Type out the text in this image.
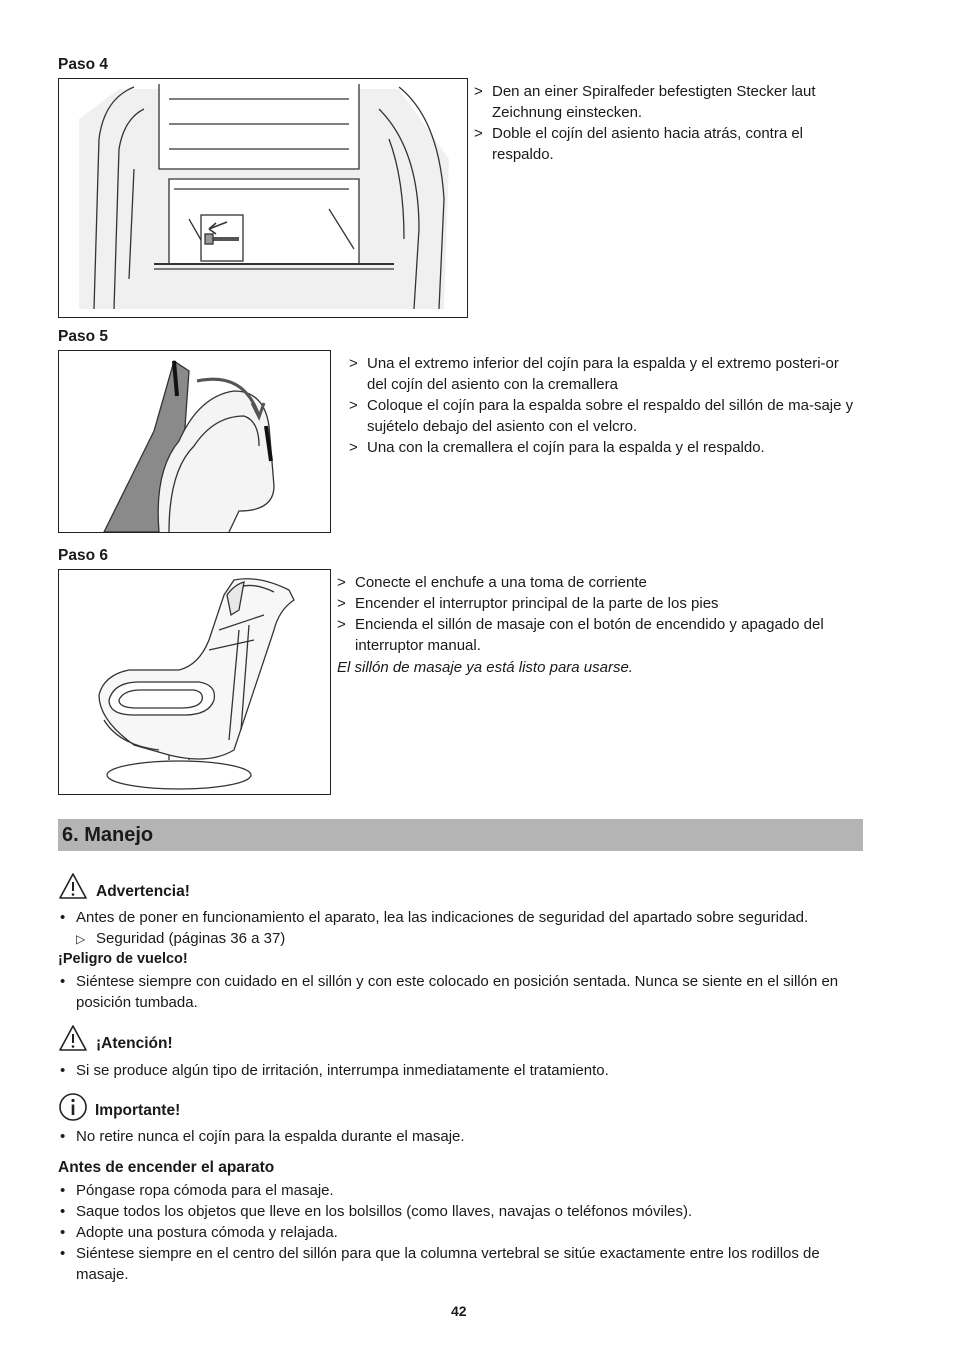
Paso 4
> Den an einer Spiralfeder befestigten Stecker laut Zeichnung einstecken.
> Doble el cojín del asiento hacia atrás, contra el respaldo.
Paso 5
> Una el extremo inferior del cojín para la espalda y el extremo posteri-or del cojín del asiento con la cremallera
> Coloque el cojín para la espalda sobre el respaldo del sillón de ma-saje y sujételo debajo del asiento con el velcro.
> Una con la cremallera el cojín para la espalda y el respaldo.
Paso 6
> Conecte el enchufe a una toma de corriente
> Encender el interruptor principal de la parte de los pies
> Encienda el sillón de masaje con el botón de encendido y apagado del interruptor manual.
El sillón de masaje ya está listo para usarse.
6. Manejo
Advertencia!
• Antes de poner en funcionamiento el aparato, lea las indicaciones de seguridad del apartado sobre seguridad.
▷ Seguridad (páginas 36 a 37)
¡Peligro de vuelco!
• Siéntese siempre con cuidado en el sillón y con este colocado en posición sentada. Nunca se siente en el sillón en posición tumbada.
¡Atención!
• Si se produce algún tipo de irritación, interrumpa inmediatamente el tratamiento.
Importante!
• No retire nunca el cojín para la espalda durante el masaje.
Antes de encender el aparato
• Póngase ropa cómoda para el masaje.
• Saque todos los objetos que lleve en los bolsillos (como llaves, navajas o teléfonos móviles).
• Adopte una postura cómoda y relajada.
• Siéntese siempre en el centro del sillón para que la columna vertebral se sitúe exactamente entre los rodillos de masaje.
42
